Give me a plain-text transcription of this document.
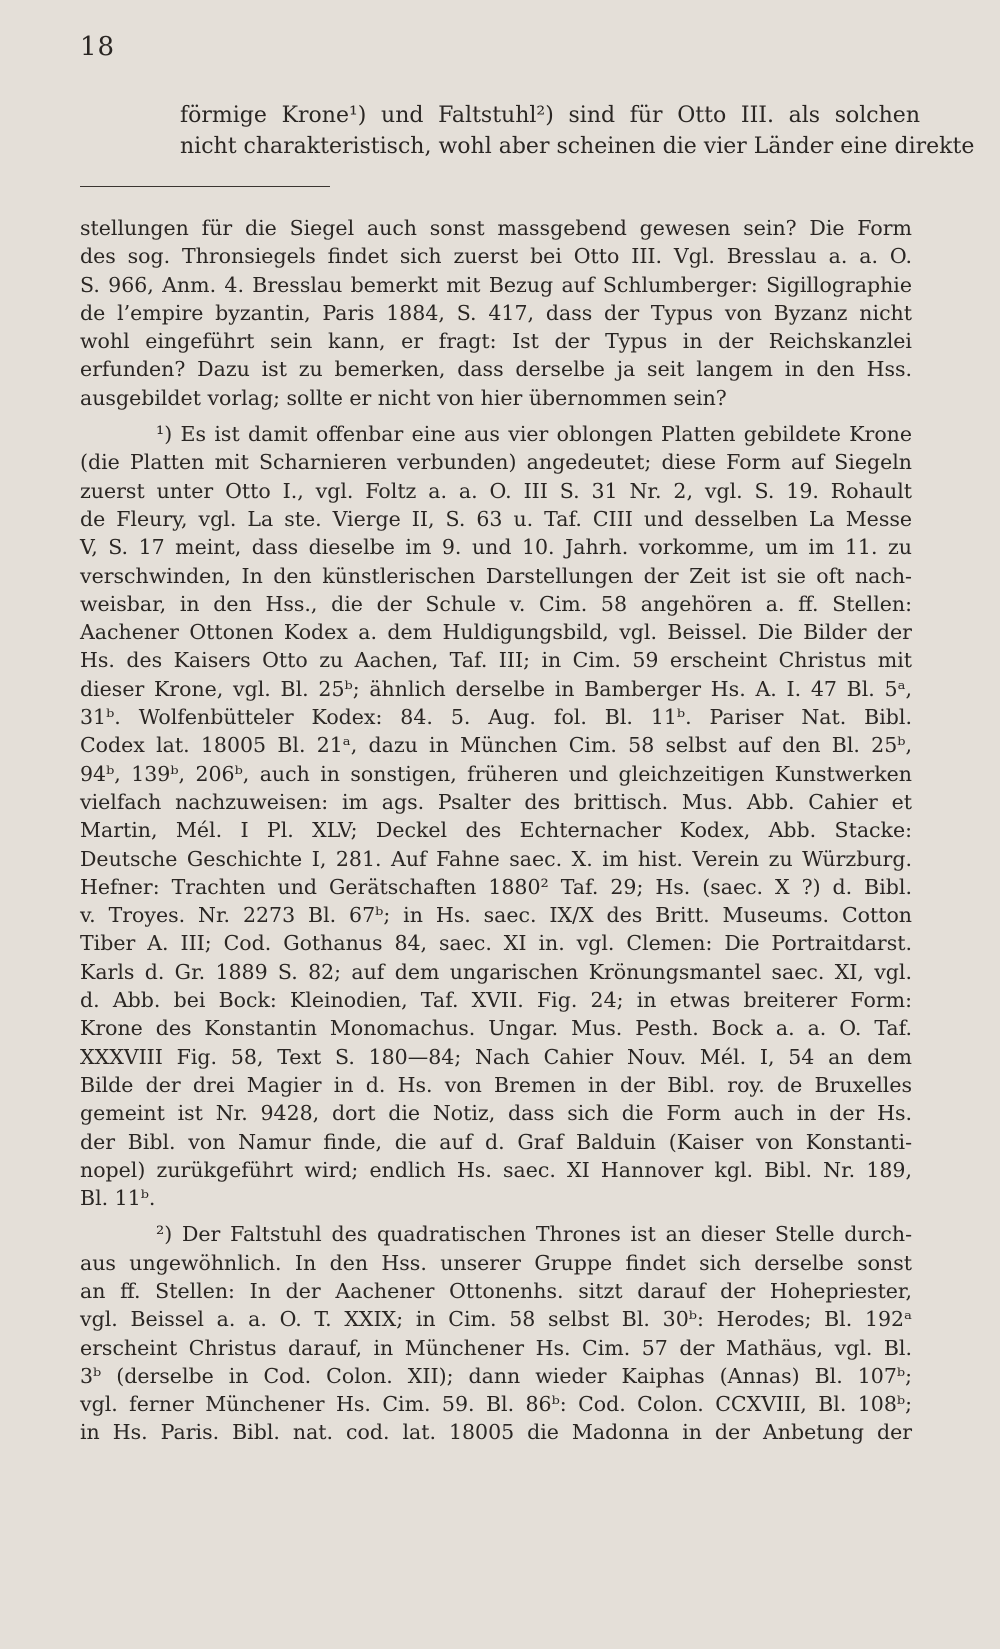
18
förmige Krone¹) und Faltstuhl²) sind für Otto III. als solchen
nicht charakteristisch, wohl aber scheinen die vier Länder eine direkte
stellungen für die Siegel auch sonst massgebend gewesen sein? Die Form
des sog. Thronsiegels findet sich zuerst bei Otto III. Vgl. Bresslau a. a. O.
S. 966, Anm. 4. Bresslau bemerkt mit Bezug auf Schlumberger: Sigillographie
de l’empire byzantin, Paris 1884, S. 417, dass der Typus von Byzanz nicht
wohl eingeführt sein kann, er fragt: Ist der Typus in der Reichskanzlei
erfunden? Dazu ist zu bemerken, dass derselbe ja seit langem in den Hss.
ausgebildet vorlag; sollte er nicht von hier übernommen sein?
¹) Es ist damit offenbar eine aus vier oblongen Platten gebildete Krone
(die Platten mit Scharnieren verbunden) angedeutet; diese Form auf Siegeln
zuerst unter Otto I., vgl. Foltz a. a. O. III S. 31 Nr. 2, vgl. S. 19. Rohault
de Fleury, vgl. La ste. Vierge II, S. 63 u. Taf. CIII und desselben La Messe
V, S. 17 meint, dass dieselbe im 9. und 10. Jahrh. vorkomme, um im 11. zu
verschwinden, In den künstlerischen Darstellungen der Zeit ist sie oft nach-
weisbar, in den Hss., die der Schule v. Cim. 58 angehören a. ff. Stellen:
Aachener Ottonen Kodex a. dem Huldigungsbild, vgl. Beissel. Die Bilder der
Hs. des Kaisers Otto zu Aachen, Taf. III; in Cim. 59 erscheint Christus mit
dieser Krone, vgl. Bl. 25ᵇ; ähnlich derselbe in Bamberger Hs. A. I. 47 Bl. 5ᵃ,
31ᵇ. Wolfenbütteler Kodex: 84. 5. Aug. fol. Bl. 11ᵇ. Pariser Nat. Bibl.
Codex lat. 18005 Bl. 21ᵃ, dazu in München Cim. 58 selbst auf den Bl. 25ᵇ,
94ᵇ, 139ᵇ, 206ᵇ, auch in sonstigen, früheren und gleichzeitigen Kunstwerken
vielfach nachzuweisen: im ags. Psalter des brittisch. Mus. Abb. Cahier et
Martin, Mél. I Pl. XLV; Deckel des Echternacher Kodex, Abb. Stacke:
Deutsche Geschichte I, 281. Auf Fahne saec. X. im hist. Verein zu Würzburg.
Hefner: Trachten und Gerätschaften 1880² Taf. 29; Hs. (saec. X ?) d. Bibl.
v. Troyes. Nr. 2273 Bl. 67ᵇ; in Hs. saec. IX/X des Britt. Museums. Cotton
Tiber A. III; Cod. Gothanus 84, saec. XI in. vgl. Clemen: Die Portraitdarst.
Karls d. Gr. 1889 S. 82; auf dem ungarischen Krönungsmantel saec. XI, vgl.
d. Abb. bei Bock: Kleinodien, Taf. XVII. Fig. 24; in etwas breiterer Form:
Krone des Konstantin Monomachus. Ungar. Mus. Pesth. Bock a. a. O. Taf.
XXXVIII Fig. 58, Text S. 180—84; Nach Cahier Nouv. Mél. I, 54 an dem
Bilde der drei Magier in d. Hs. von Bremen in der Bibl. roy. de Bruxelles
gemeint ist Nr. 9428, dort die Notiz, dass sich die Form auch in der Hs.
der Bibl. von Namur finde, die auf d. Graf Balduin (Kaiser von Konstanti-
nopel) zurükgeführt wird; endlich Hs. saec. XI Hannover kgl. Bibl. Nr. 189,
Bl. 11ᵇ.
²) Der Faltstuhl des quadratischen Thrones ist an dieser Stelle durch-
aus ungewöhnlich. In den Hss. unserer Gruppe findet sich derselbe sonst
an ff. Stellen: In der Aachener Ottonenhs. sitzt darauf der Hohepriester,
vgl. Beissel a. a. O. T. XXIX; in Cim. 58 selbst Bl. 30ᵇ: Herodes; Bl. 192ᵃ
erscheint Christus darauf, in Münchener Hs. Cim. 57 der Mathäus, vgl. Bl.
3ᵇ (derselbe in Cod. Colon. XII); dann wieder Kaiphas (Annas) Bl. 107ᵇ;
vgl. ferner Münchener Hs. Cim. 59. Bl. 86ᵇ: Cod. Colon. CCXVIII, Bl. 108ᵇ;
in Hs. Paris. Bibl. nat. cod. lat. 18005 die Madonna in der Anbetung der
